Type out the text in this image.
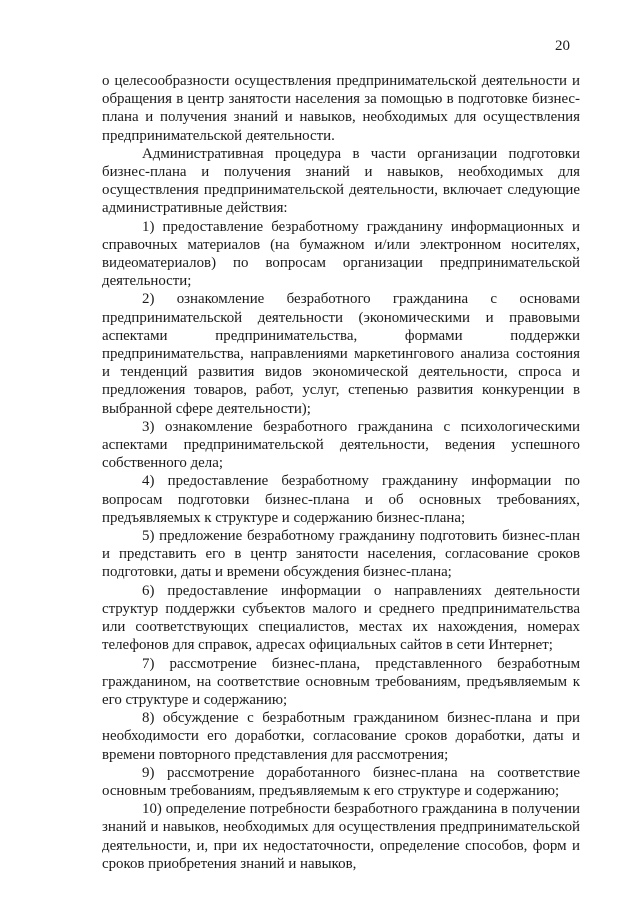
20

о целесообразности осуществления предпринимательской деятельности и обращения в центр занятости населения за помощью в подготовке бизнес-плана и получения знаний и навыков, необходимых для осуществления предпринимательской деятельности.

Административная процедура в части организации подготовки бизнес-плана и получения знаний и навыков, необходимых для осуществления предпринимательской деятельности, включает следующие административные действия:

1) предоставление безработному гражданину информационных и справочных материалов (на бумажном и/или электронном носителях, видеоматериалов) по вопросам организации предпринимательской деятельности;

2) ознакомление безработного гражданина с основами предпринимательской деятельности (экономическими и правовыми аспектами предпринимательства, формами поддержки предпринимательства, направлениями маркетингового анализа состояния и тенденций развития видов экономической деятельности, спроса и предложения товаров, работ, услуг, степенью развития конкуренции в выбранной сфере деятельности);

3) ознакомление безработного гражданина с психологическими аспектами предпринимательской деятельности, ведения успешного собственного дела;

4) предоставление безработному гражданину информации по вопросам подготовки бизнес-плана и об основных требованиях, предъявляемых к структуре и содержанию бизнес-плана;

5) предложение безработному гражданину подготовить бизнес-план и представить его в центр занятости населения, согласование сроков подготовки, даты и времени обсуждения бизнес-плана;

6) предоставление информации о направлениях деятельности структур поддержки субъектов малого и среднего предпринимательства или соответствующих специалистов, местах их нахождения, номерах телефонов для справок, адресах официальных сайтов в сети Интернет;

7) рассмотрение бизнес-плана, представленного безработным гражданином, на соответствие основным требованиям, предъявляемым к его структуре и содержанию;

8) обсуждение с безработным гражданином бизнес-плана и при необходимости его доработки, согласование сроков доработки, даты и времени повторного представления для рассмотрения;

9) рассмотрение доработанного бизнес-плана на соответствие основным требованиям, предъявляемым к его структуре и содержанию;

10) определение потребности безработного гражданина в получении знаний и навыков, необходимых для осуществления предпринимательской деятельности, и, при их недостаточности, определение способов, форм и сроков приобретения знаний и навыков,
